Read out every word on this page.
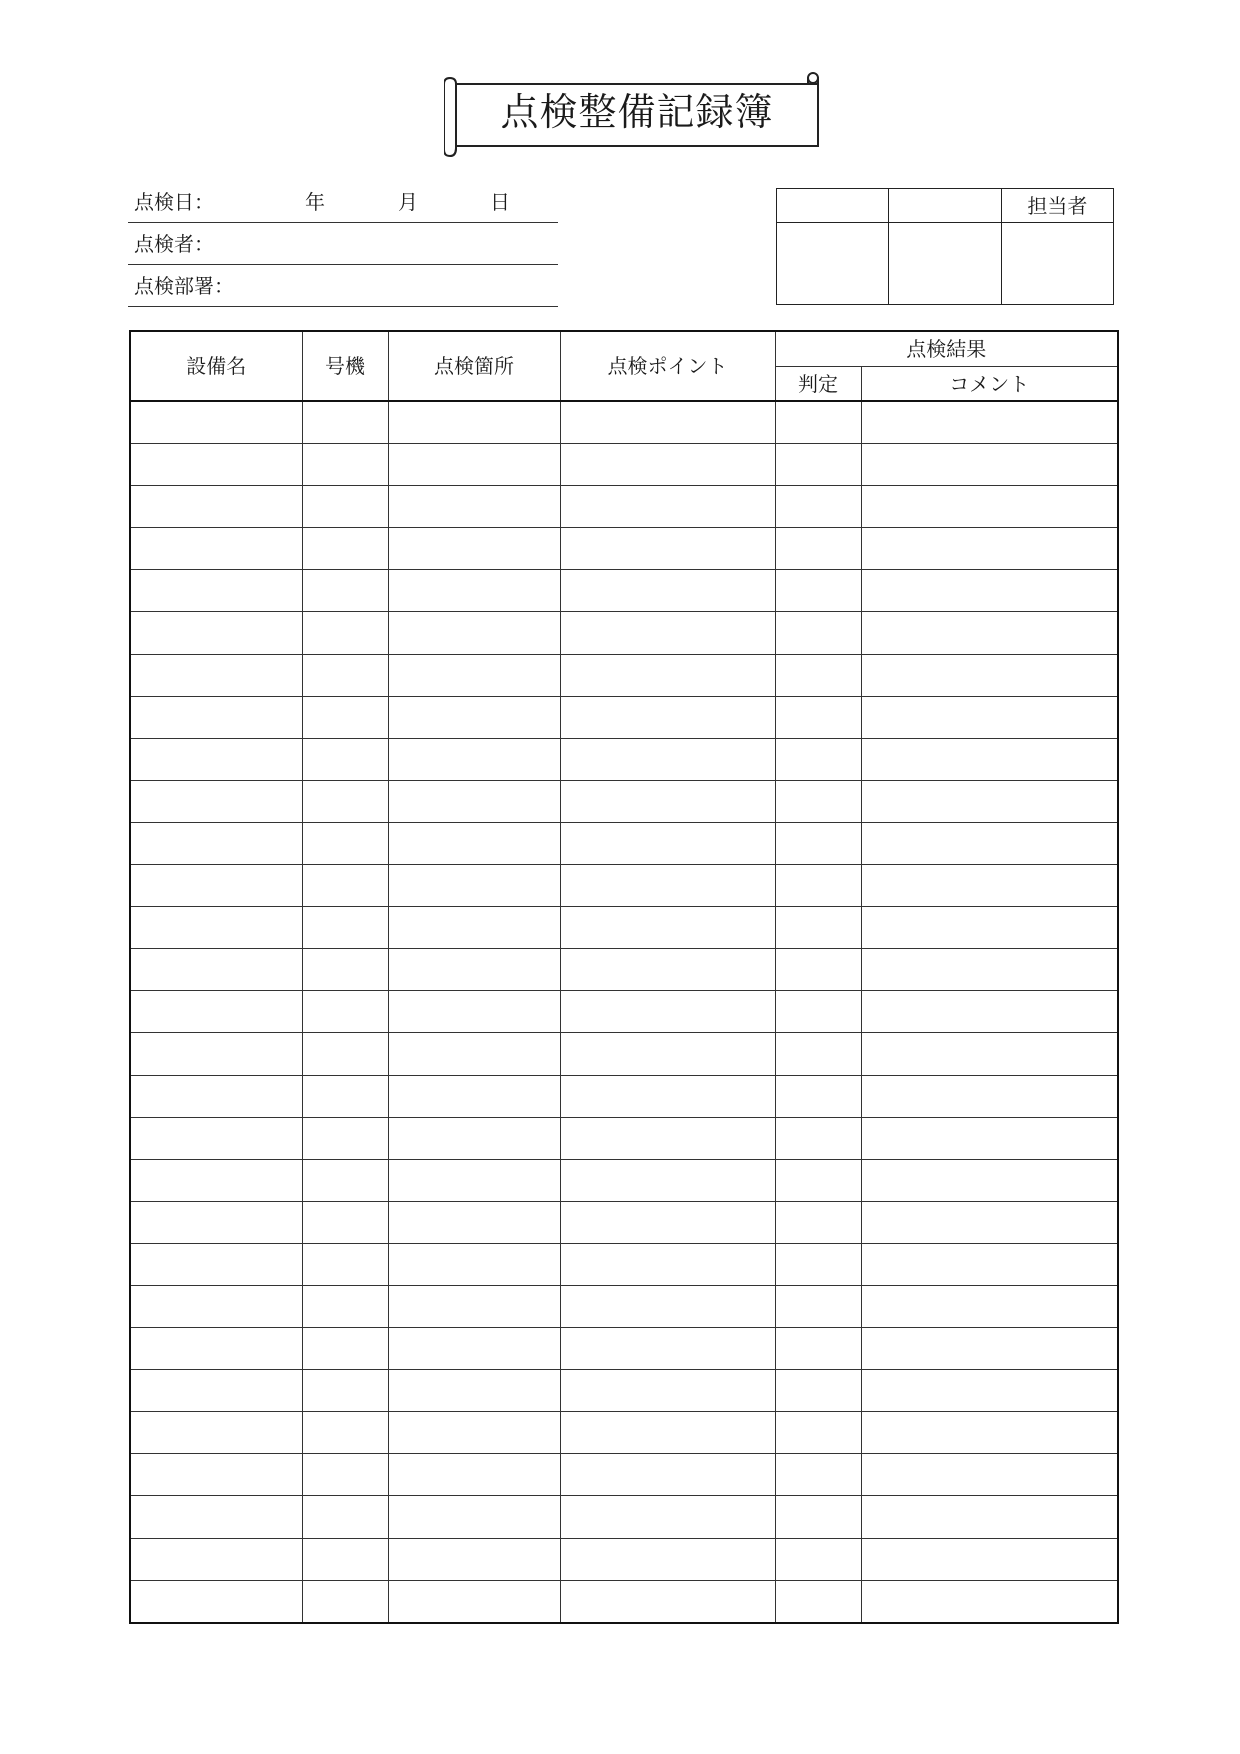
点検整備記録簿
点検日：	年	月	日
点検者：
点検部署：

		担当者

設備名	号機	点検箇所	点検ポイント	点検結果	
				判定	コメント
